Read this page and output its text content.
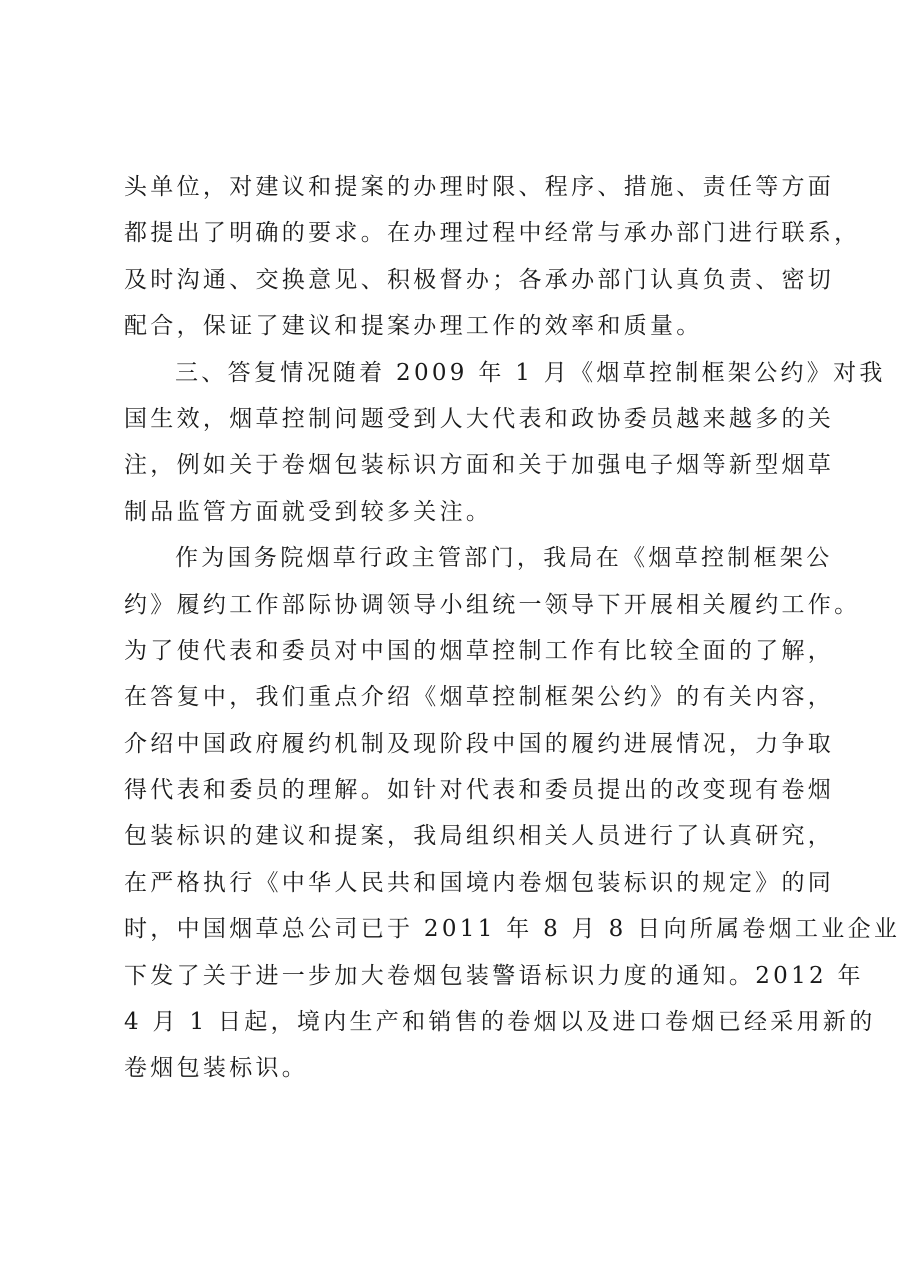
头单位，对建议和提案的办理时限、程序、措施、责任等方面
都提出了明确的要求。在办理过程中经常与承办部门进行联系，
及时沟通、交换意见、积极督办；各承办部门认真负责、密切
配合，保证了建议和提案办理工作的效率和质量。
三、答复情况随着 2009 年 1 月《烟草控制框架公约》对我
国生效，烟草控制问题受到人大代表和政协委员越来越多的关
注，例如关于卷烟包装标识方面和关于加强电子烟等新型烟草
制品监管方面就受到较多关注。
作为国务院烟草行政主管部门，我局在《烟草控制框架公
约》履约工作部际协调领导小组统一领导下开展相关履约工作。
为了使代表和委员对中国的烟草控制工作有比较全面的了解，
在答复中，我们重点介绍《烟草控制框架公约》的有关内容，
介绍中国政府履约机制及现阶段中国的履约进展情况，力争取
得代表和委员的理解。如针对代表和委员提出的改变现有卷烟
包装标识的建议和提案，我局组织相关人员进行了认真研究，
在严格执行《中华人民共和国境内卷烟包装标识的规定》的同
时，中国烟草总公司已于 2011 年 8 月 8 日向所属卷烟工业企业
下发了关于进一步加大卷烟包装警语标识力度的通知。2012 年
4 月 1 日起，境内生产和销售的卷烟以及进口卷烟已经采用新的
卷烟包装标识。
